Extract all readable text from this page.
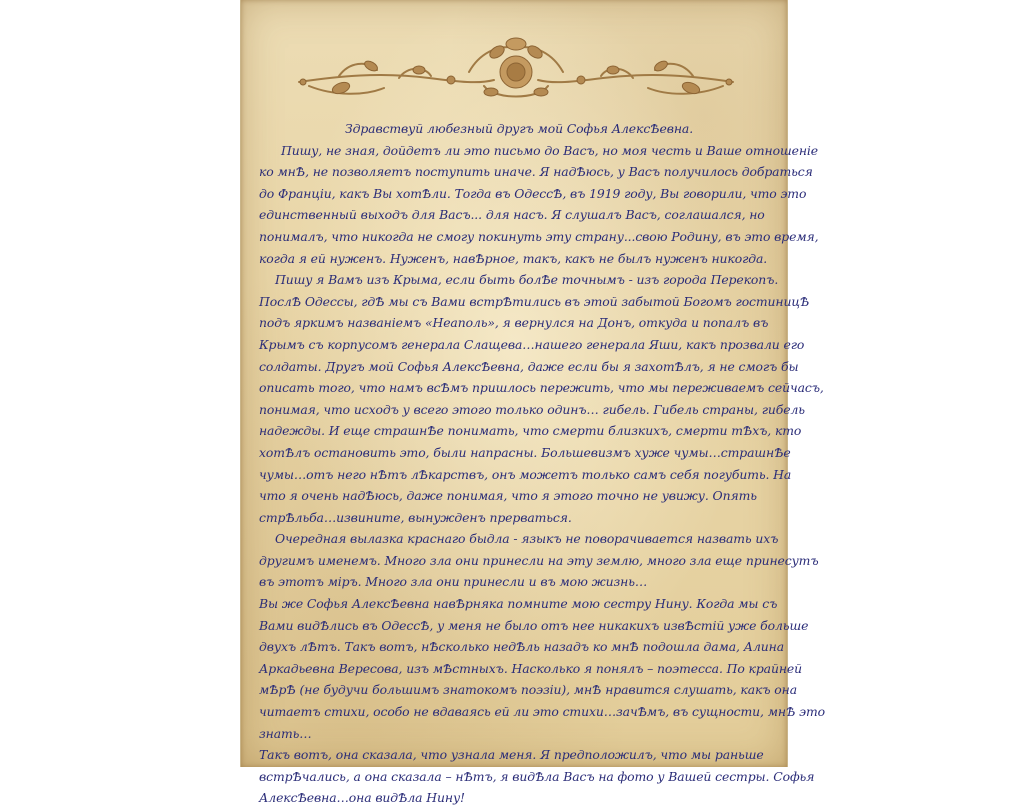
Здравствуй любезный другъ мой Софья АлексѢевна.
Пишу, не зная, дойдетъ ли это письмо до Васъ, но моя честь и Ваше отношеніе
ко мнѢ, не позволяетъ поступить иначе. Я надѢюсь, у Васъ получилось добраться
до Франціи, какъ Вы хотѢли. Тогда въ ОдессѢ, въ 1919 году, Вы говорили, что это
единственный выходъ для Васъ... для насъ. Я слушалъ Васъ, соглашался, но
понималъ, что никогда не смогу покинуть эту страну...свою Родину, въ это время,
когда я ей нуженъ. Нуженъ, навѢрное, такъ, какъ не былъ нуженъ никогда.
Пишу я Вамъ изъ Крыма, если быть болѢе точнымъ - изъ города Перекопъ.
ПослѢ Одессы, гдѢ мы съ Вами встрѢтились въ этой забытой Богомъ гостиницѢ
подъ яркимъ названіемъ «Неаполь», я вернулся на Донъ, откуда и попалъ въ
Крымъ съ корпусомъ генерала Слащева…нашего генерала Яши, какъ прозвали его
солдаты. Другъ мой Софья АлексѢевна, даже если бы я захотѢлъ, я не смогъ бы
описать того, что намъ всѢмъ пришлось пережить, что мы переживаемъ сейчасъ,
понимая, что исходъ у всего этого только одинъ… гибель. Гибель страны, гибель
надежды. И еще страшнѢе понимать, что смерти близкихъ, смерти тѢхъ, кто
хотѢлъ остановить это, были напрасны. Большевизмъ хуже чумы…страшнѢе
чумы…отъ него нѢтъ лѢкарствъ, онъ можетъ только самъ себя погубить. На
что я очень надѢюсь, даже понимая, что я этого точно не увижу. Опять
стрѢльба…извините, вынужденъ прерваться.
Очередная вылазка краснаго быдла - языкъ не поворачивается назвать ихъ
другимъ именемъ. Много зла они принесли на эту землю, много зла еще принесутъ
въ этотъ міръ. Много зла они принесли и въ мою жизнь…
Вы же Софья АлексѢевна навѢрняка помните мою сестру Нину. Когда мы съ
Вами видѢлись въ ОдессѢ, у меня не было отъ нее никакихъ извѢстій уже больше
двухъ лѢтъ. Такъ вотъ, нѢсколько недѢль назадъ ко мнѢ подошла дама, Алина
Аркадьевна Вересова, изъ мѢстныхъ. Насколько я понялъ – поэтесса. По крайней
мѢрѢ (не будучи большимъ знатокомъ поэзіи), мнѢ нравится слушать, какъ она
читаетъ стихи, особо не вдаваясь ей ли это стихи…зачѢмъ, въ сущности, мнѢ это
знать…
Такъ вотъ, она сказала, что узнала меня. Я предположилъ, что мы раньше
встрѢчались, а она сказала – нѢтъ, я видѢла Васъ на фото у Вашей сестры. Софья
АлексѢевна…она видѢла Нину!
